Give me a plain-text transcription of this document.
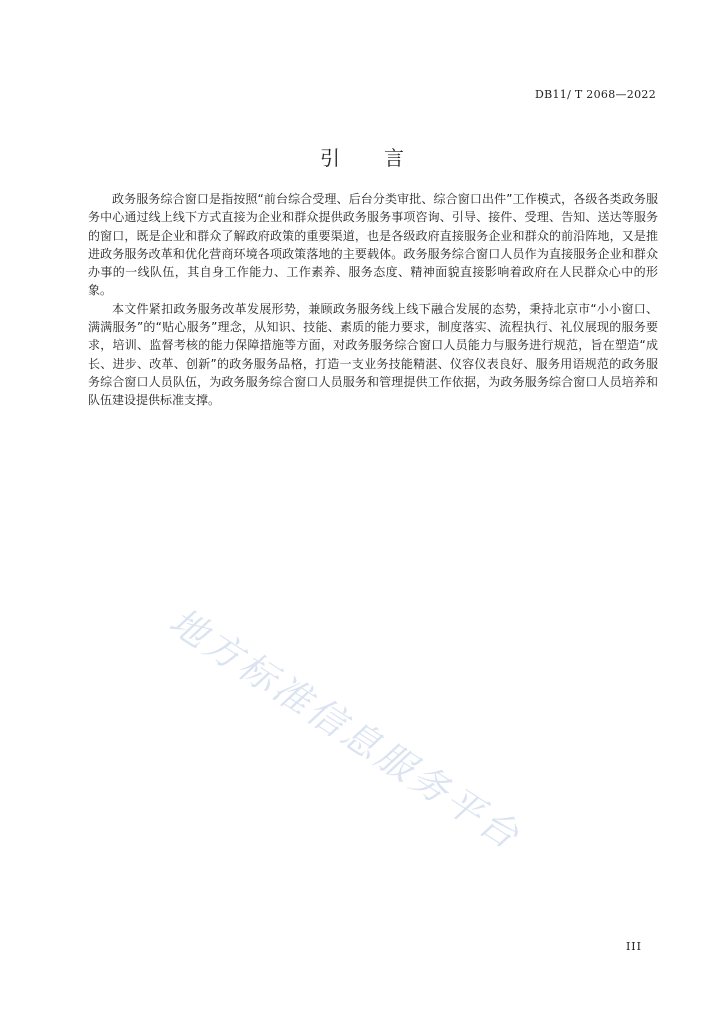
DB11/ T 2068—2022
引 言

政务服务综合窗口是指按照“前台综合受理、后台分类审批、综合窗口出件”工作模式，各级各类政务服务中心通过线上线下方式直接为企业和群众提供政务服务事项咨询、引导、接件、受理、告知、送达等服务的窗口，既是企业和群众了解政府政策的重要渠道，也是各级政府直接服务企业和群众的前沿阵地，又是推进政务服务改革和优化营商环境各项政策落地的主要载体。政务服务综合窗口人员作为直接服务企业和群众办事的一线队伍，其自身工作能力、工作素养、服务态度、精神面貌直接影响着政府在人民群众心中的形象。

本文件紧扣政务服务改革发展形势，兼顾政务服务线上线下融合发展的态势，秉持北京市“小小窗口、满满服务”的“贴心服务”理念，从知识、技能、素质的能力要求，制度落实、流程执行、礼仪展现的服务要求，培训、监督考核的能力保障措施等方面，对政务服务综合窗口人员能力与服务进行规范，旨在塑造“成长、进步、改革、创新”的政务服务品格，打造一支业务技能精湛、仪容仪表良好、服务用语规范的政务服务综合窗口人员队伍，为政务服务综合窗口人员服务和管理提供工作依据，为政务服务综合窗口人员培养和队伍建设提供标准支撑。

地方标准信息服务平台
III
